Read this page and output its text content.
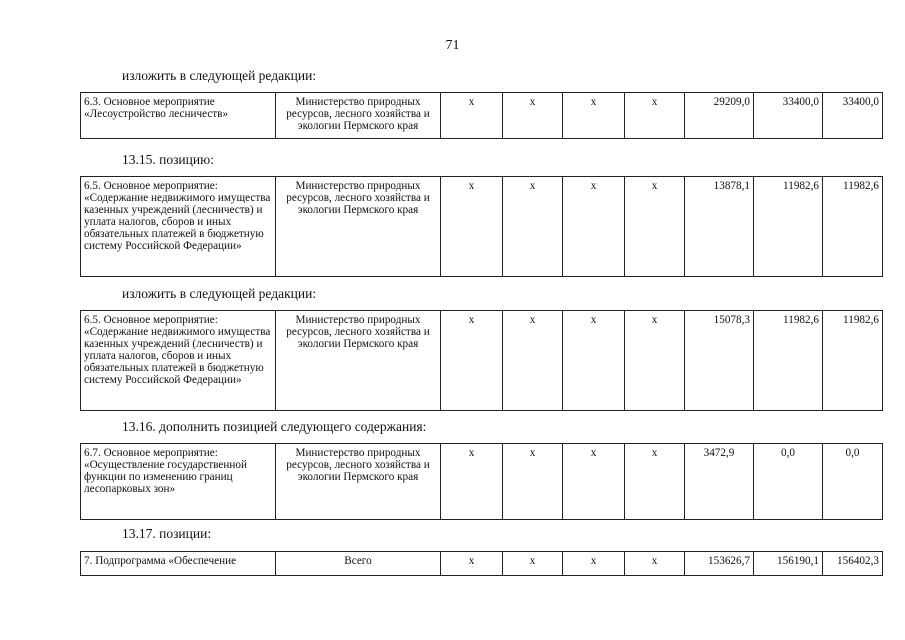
71
изложить в следующей редакции:
6.3. Основное мероприятие «Лесоустройство лесничеств»	Министерство природных ресурсов, лесного хозяйства и экологии Пермского края	x	x	x	x	29209,0	33400,0	33400,0
13.15. позицию:
6.5. Основное мероприятие: «Содержание недвижимого имущества казенных учреждений (лесничеств) и уплата налогов, сборов и иных обязательных платежей в бюджетную систему Российской Федерации»	Министерство природных ресурсов, лесного хозяйства и экологии Пермского края	x	x	x	x	13878,1	11982,6	11982,6
изложить в следующей редакции:
6.5. Основное мероприятие: «Содержание недвижимого имущества казенных учреждений (лесничеств) и уплата налогов, сборов и иных обязательных платежей в бюджетную систему Российской Федерации»	Министерство природных ресурсов, лесного хозяйства и экологии Пермского края	x	x	x	x	15078,3	11982,6	11982,6
13.16. дополнить позицией следующего содержания:
6.7. Основное мероприятие: «Осуществление государственной функции по изменению границ лесопарковых зон»	Министерство природных ресурсов, лесного хозяйства и экологии Пермского края	x	x	x	x	3472,9	0,0	0,0
13.17. позиции:
7. Подпрограмма «Обеспечение	Всего	x	x	x	x	153626,7	156190,1	156402,3
